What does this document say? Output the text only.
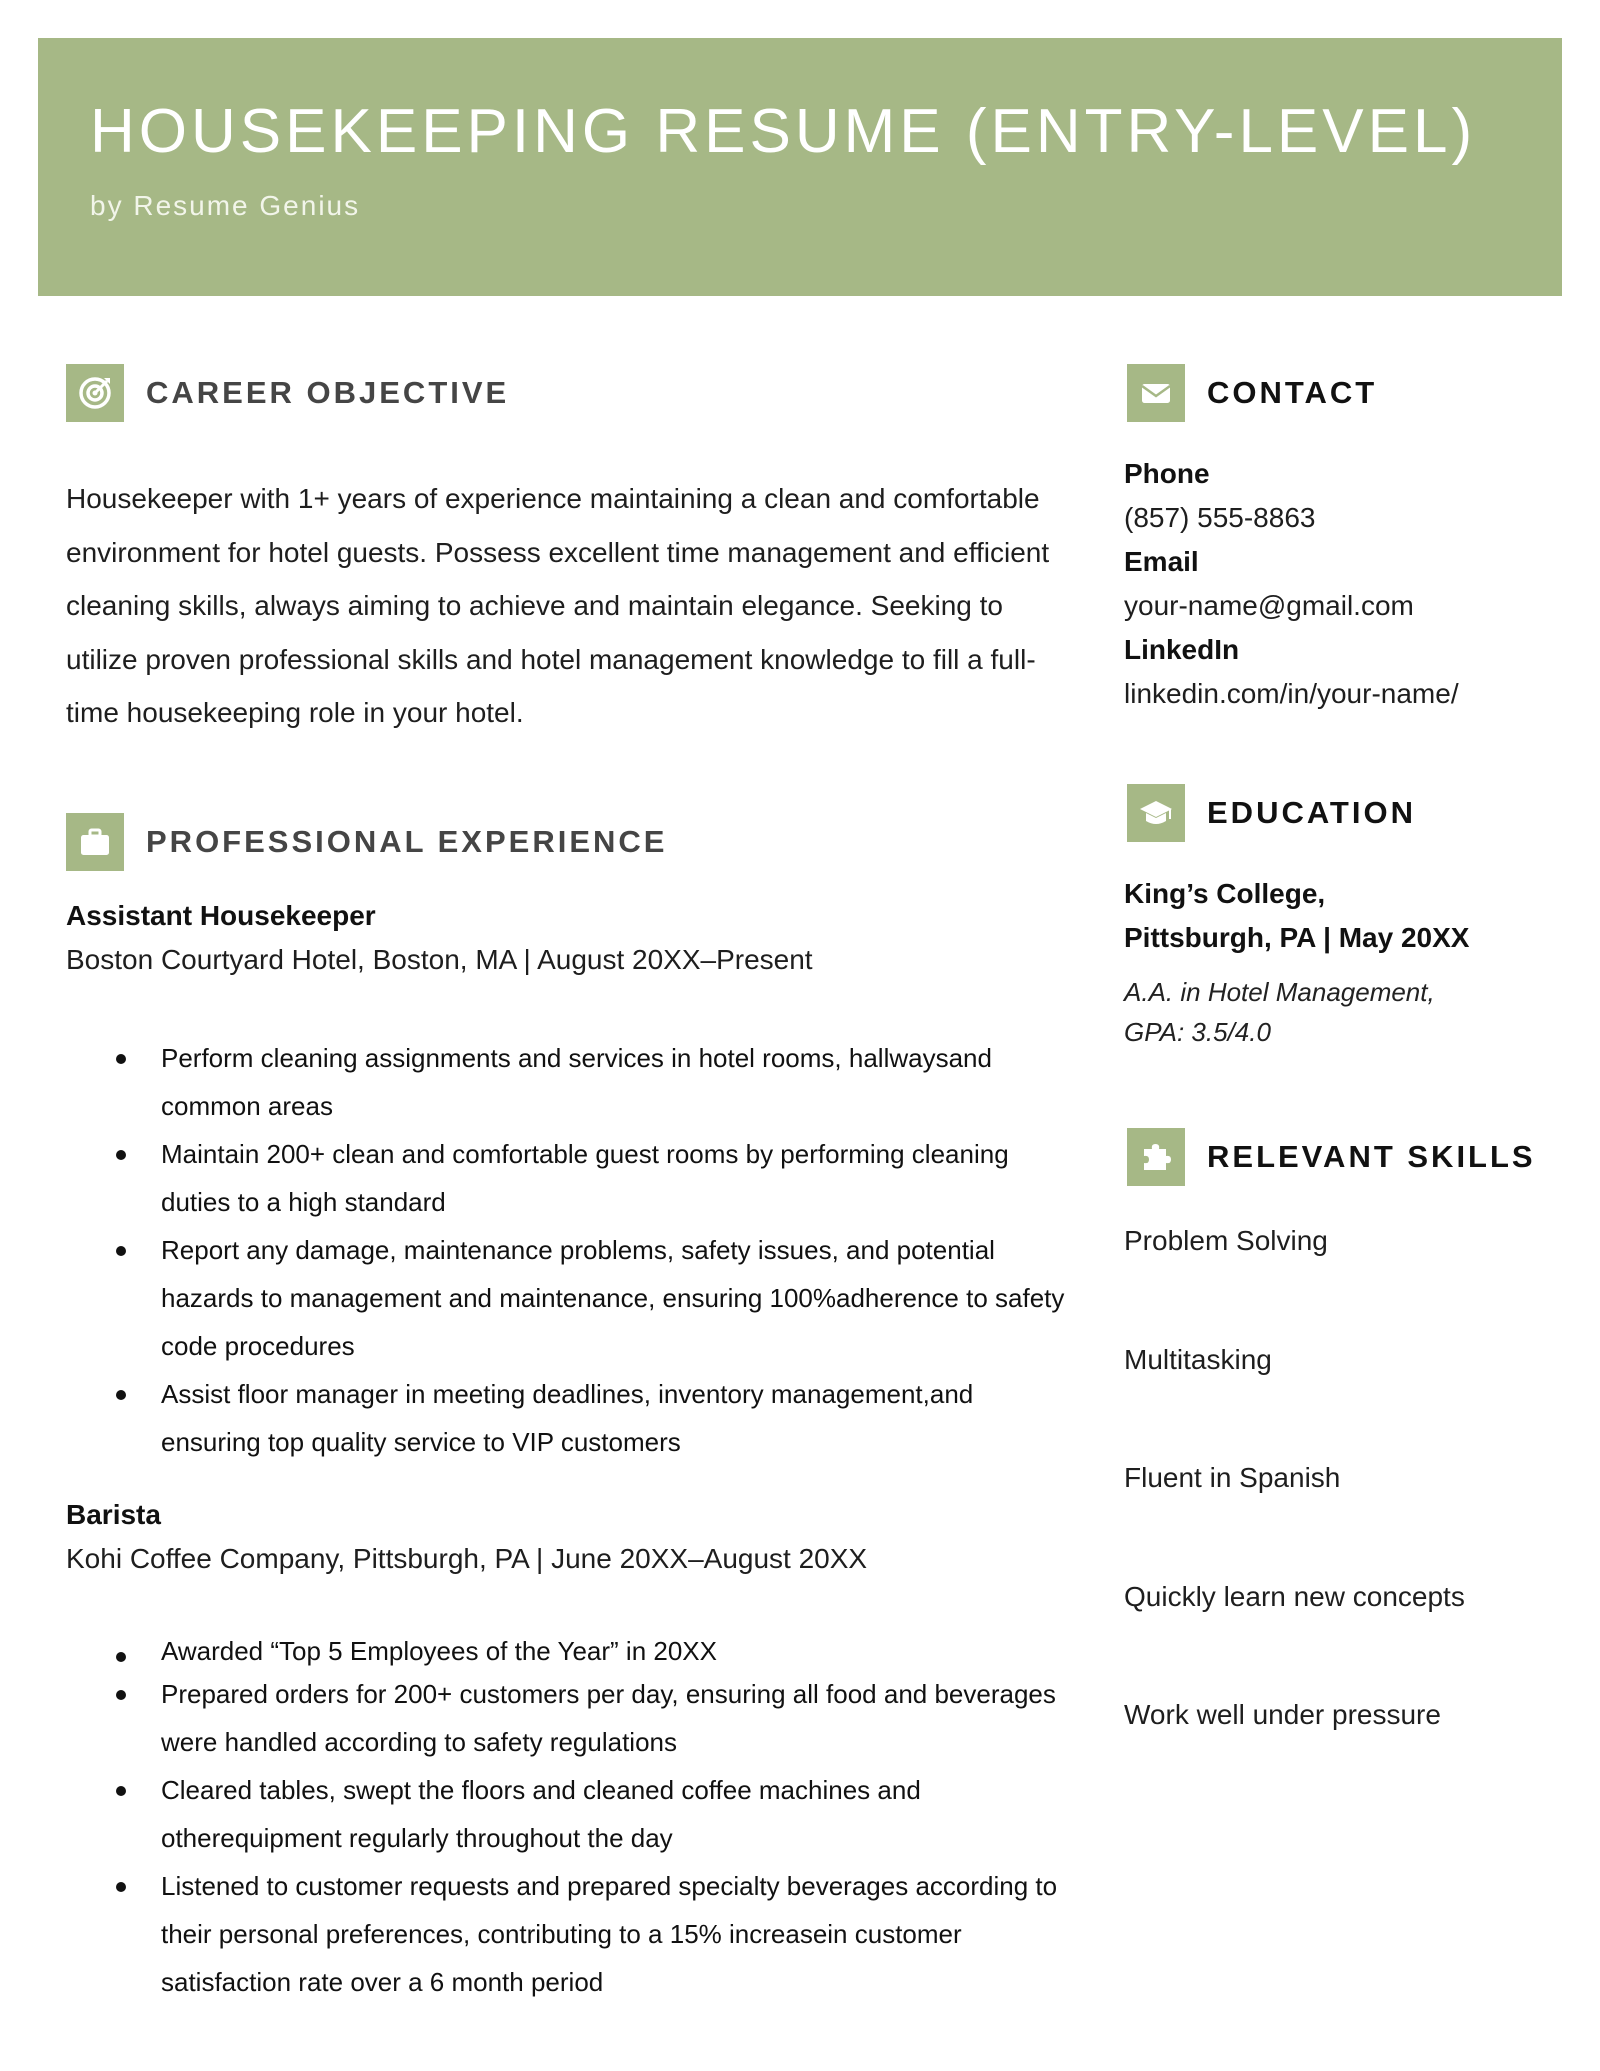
HOUSEKEEPING RESUME (ENTRY-LEVEL)
by Resume Genius
CAREER OBJECTIVE

Housekeeper with 1+ years of experience maintaining a clean and comfortable environment for hotel guests. Possess excellent time management and efficient cleaning skills, always aiming to achieve and maintain elegance. Seeking to utilize proven professional skills and hotel management knowledge to fill a full-time housekeeping role in your hotel.

PROFESSIONAL EXPERIENCE

Assistant Housekeeper

Boston Courtyard Hotel, Boston, MA | August 20XX–Present

Perform cleaning assignments and services in hotel rooms, hallwaysand common areas
Maintain 200+ clean and comfortable guest rooms by performing cleaning duties to a high standard
Report any damage, maintenance problems, safety issues, and potential hazards to management and maintenance, ensuring 100%adherence to safety code procedures
Assist floor manager in meeting deadlines, inventory management,and ensuring top quality service to VIP customers

Barista

Kohi Coffee Company, Pittsburgh, PA | June 20XX–August 20XX

Awarded “Top 5 Employees of the Year” in 20XX
Prepared orders for 200+ customers per day, ensuring all food and beverages were handled according to safety regulations
Cleared tables, swept the floors and cleaned coffee machines and otherequipment regularly throughout the day
Listened to customer requests and prepared specialty beverages according to their personal preferences, contributing to a 15% increasein customer satisfaction rate over a 6 month period
CONTACT

Phone

(857) 555-8863

Email

your-name@gmail.com

LinkedIn

linkedin.com/in/your-name/

EDUCATION

King’s College,

Pittsburgh, PA | May 20XX

A.A. in Hotel Management,

GPA: 3.5/4.0

RELEVANT SKILLS
Problem Solving
Multitasking
Fluent in Spanish
Quickly learn new concepts
Work well under pressure
